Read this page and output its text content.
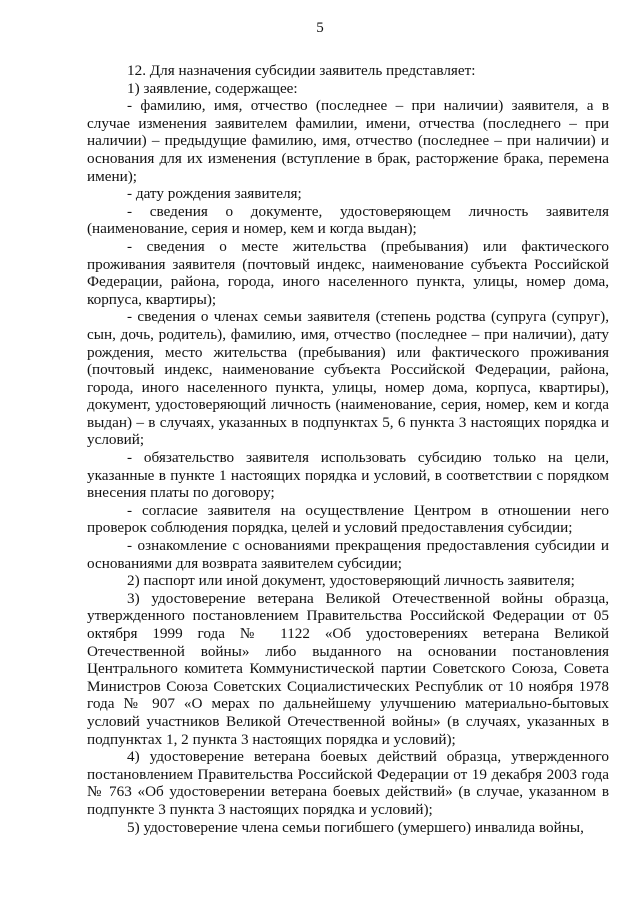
5

12. Для назначения субсидии заявитель представляет:

1) заявление, содержащее:

- фамилию, имя, отчество (последнее – при наличии) заявителя, а в случае изменения заявителем фамилии, имени, отчества (последнего – при наличии) – предыдущие фамилию, имя, отчество (последнее – при наличии) и основания для их изменения (вступление в брак, расторжение брака, перемена имени);

- дату рождения заявителя;

- сведения о документе, удостоверяющем личность заявителя (наименование, серия и номер, кем и когда выдан);

- сведения о месте жительства (пребывания) или фактического проживания заявителя (почтовый индекс, наименование субъекта Российской Федерации, района, города, иного населенного пункта, улицы, номер дома, корпуса, квартиры);

- сведения о членах семьи заявителя (степень родства (супруга (супруг), сын, дочь, родитель), фамилию, имя, отчество (последнее – при наличии), дату рождения, место жительства (пребывания) или фактического проживания (почтовый индекс, наименование субъекта Российской Федерации, района, города, иного населенного пункта, улицы, номер дома, корпуса, квартиры), документ, удостоверяющий личность (наименование, серия, номер, кем и когда выдан) – в случаях, указанных в подпунктах 5, 6 пункта 3 настоящих порядка и условий;

- обязательство заявителя использовать субсидию только на цели, указанные в пункте 1 настоящих порядка и условий, в соответствии с порядком внесения платы по договору;

- согласие заявителя на осуществление Центром в отношении него проверок соблюдения порядка, целей и условий предоставления субсидии;

- ознакомление с основаниями прекращения предоставления субсидии и основаниями для возврата заявителем субсидии;

2) паспорт или иной документ, удостоверяющий личность заявителя;

3) удостоверение ветерана Великой Отечественной войны образца, утвержденного постановлением Правительства Российской Федерации от 05 октября 1999 года № 1122 «Об удостоверениях ветерана Великой Отечественной войны» либо выданного на основании постановления Центрального комитета Коммунистической партии Советского Союза, Совета Министров Союза Советских Социалистических Республик от 10 ноября 1978 года № 907 «О мерах по дальнейшему улучшению материально-бытовых условий участников Великой Отечественной войны» (в случаях, указанных в подпунктах 1, 2 пункта 3 настоящих порядка и условий);

4) удостоверение ветерана боевых действий образца, утвержденного постановлением Правительства Российской Федерации от 19 декабря 2003 года № 763 «Об удостоверении ветерана боевых действий» (в случае, указанном в подпункте 3 пункта 3 настоящих порядка и условий);

5) удостоверение члена семьи погибшего (умершего) инвалида войны,
